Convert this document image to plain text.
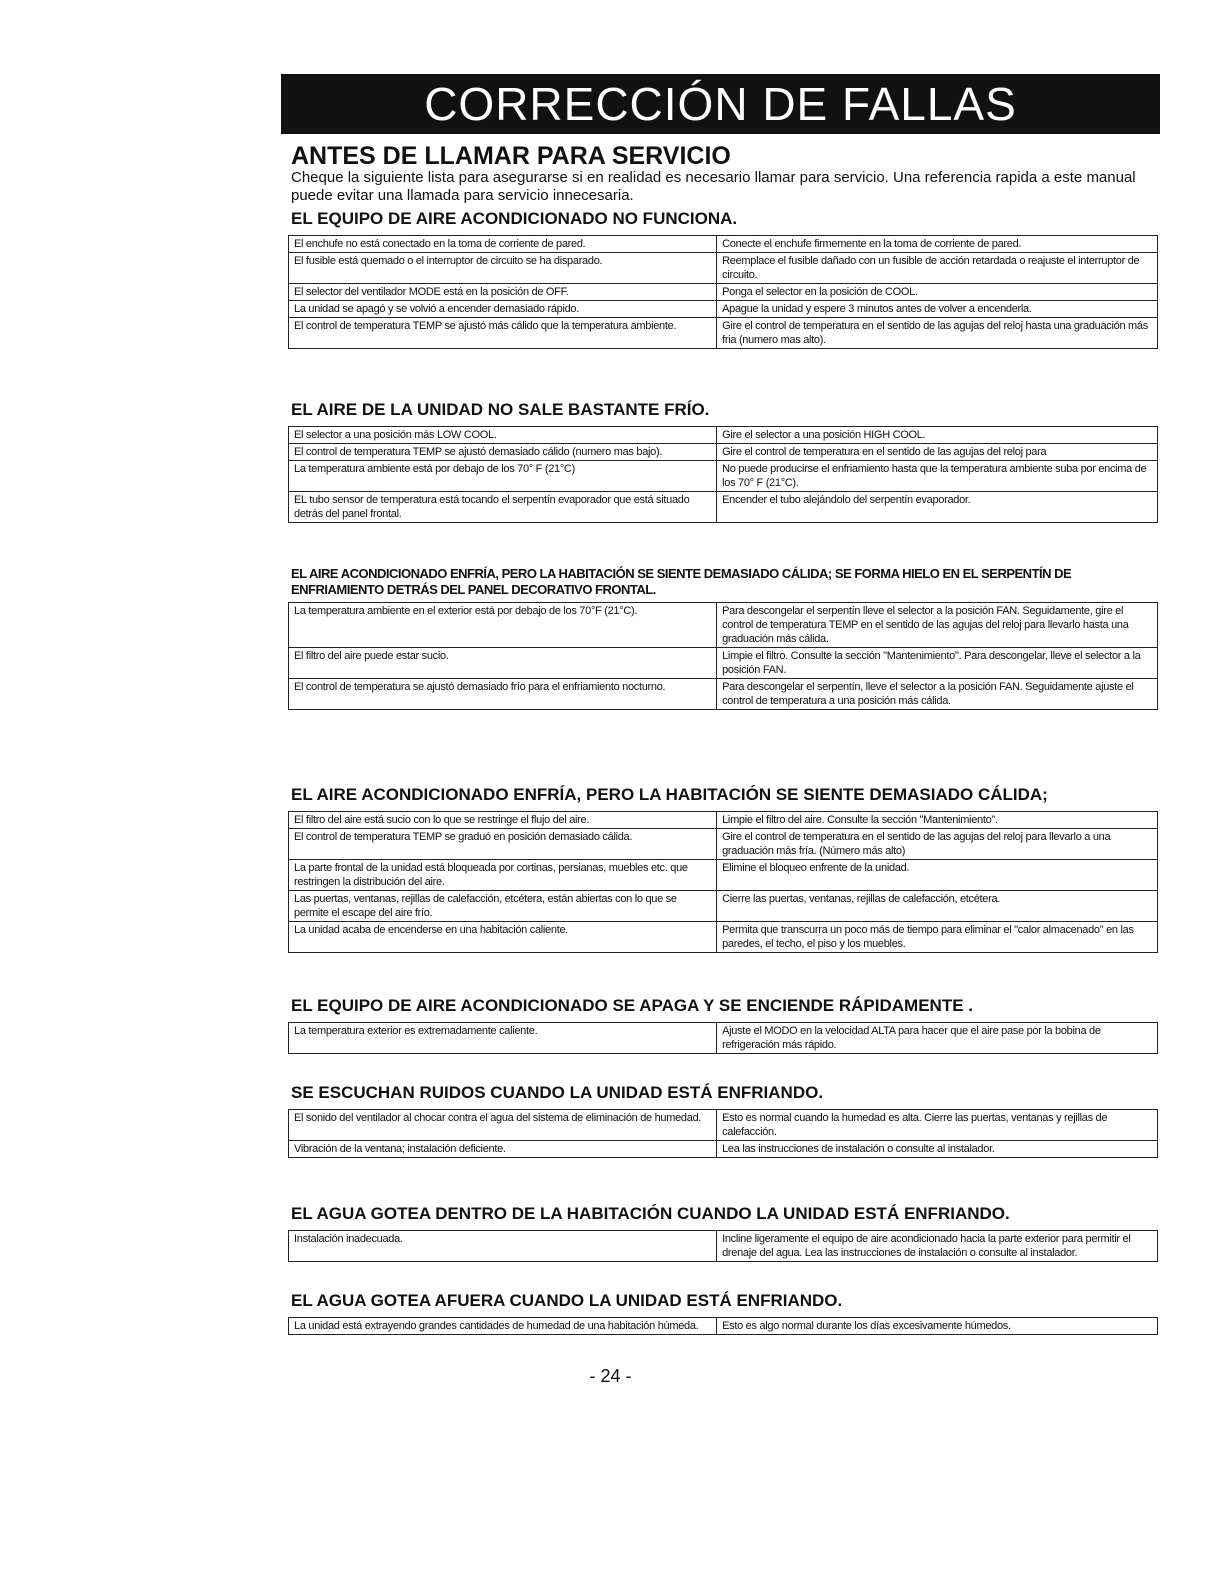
CORRECCIÓN DE FALLAS
ANTES DE LLAMAR PARA SERVICIO

Cheque la siguiente lista para asegurarse si en realidad es necesario llamar para servicio. Una referencia rapida a este manual puede evitar una llamada para servicio innecesaria.

EL EQUIPO DE AIRE ACONDICIONADO NO FUNCIONA.
El enchufe no está conectado en la toma de corriente de pared.	Conecte el enchufe firmemente en la toma de corriente de pared.
El fusible está quemado o el interruptor de circuito se ha disparado.	Reemplace el fusible dañado con un fusible de acción retardada o reajuste el interruptor de circuito.
El selector del ventilador MODE está en la posición de OFF.	Ponga el selector en la posición de COOL.
La unidad se apagó y se volvió a encender demasiado rápido.	Apague la unidad y espere 3 minutos antes de volver a encenderla.
El control de temperatura TEMP se ajustó más cálido que la temperatura ambiente.	Gire el control de temperatura en el sentido de las agujas del reloj hasta una graduación más fria (numero mas alto).
EL AIRE DE LA UNIDAD NO SALE BASTANTE FRÍO.
El selector a una posición más LOW COOL.	Gire el selector a una posición HIGH COOL.
El control de temperatura TEMP se ajustó demasiado cálido (numero mas bajo).	Gire el control de temperatura en el sentido de las agujas del reloj para
La temperatura ambiente está por debajo de los 70° F (21°C)	No puede producirse el enfriamiento hasta que la temperatura ambiente suba por encima de los 70° F (21°C).
EL tubo sensor de temperatura está tocando el serpentín evaporador que está situado detrás del panel frontal.	Encender el tubo alejándolo del serpentín evaporador.
EL AIRE ACONDICIONADO ENFRÍA, PERO LA HABITACIÓN SE SIENTE DEMASIADO CÁLIDA; SE FORMA HIELO EN EL SERPENTÍN DE ENFRIAMIENTO DETRÁS DEL PANEL DECORATIVO FRONTAL.
La temperatura ambiente en el exterior está por debajo de los 70°F (21°C).	Para descongelar el serpentín lleve el selector a la posición FAN. Seguidamente, gire el control de temperatura TEMP en el sentido de las agujas del reloj para llevarlo hasta una graduación más cálida.
El filtro del aire puede estar sucio.	Limpie el filtro. Consulte la sección "Mantenimiento". Para descongelar, lleve el selector a la posición FAN.
El control de temperatura se ajustó demasiado frío para el enfriamiento nocturno.	Para descongelar el serpentín, lleve el selector a la posición FAN. Seguidamente ajuste el control de temperatura a una posición más cálida.
EL AIRE ACONDICIONADO ENFRÍA, PERO LA HABITACIÓN SE SIENTE DEMASIADO CÁLIDA;
El filtro del aire está sucio con lo que se restringe el flujo del aire.	Limpie el filtro del aire. Consulte la sección "Mantenimiento".
El control de temperatura TEMP se graduó en posición demasiado cálida.	Gire el control de temperatura en el sentido de las agujas del reloj para llevarlo a una graduación más fría. (Número más alto)
La parte frontal de la unidad está bloqueada por cortinas, persianas, muebles etc. que restringen la distribución del aire.	Elimine el bloqueo enfrente de la unidad.
Las puertas, ventanas, rejillas de calefacción, etcétera, están abiertas con lo que se permite el escape del aire frío.	Cierre las puertas, ventanas, rejillas de calefacción, etcétera.
La unidad acaba de encenderse en una habitación caliente.	Permita que transcurra un poco más de tiempo para eliminar el "calor almacenado" en las paredes, el techo, el piso y los muebles.
EL EQUIPO DE AIRE ACONDICIONADO SE APAGA Y SE ENCIENDE RÁPIDAMENTE .
La temperatura exterior es extremadamente caliente.	Ajuste el MODO en la velocidad ALTA para hacer que el aire pase por la bobina de refrigeración más rápido.
SE ESCUCHAN RUIDOS CUANDO LA UNIDAD ESTÁ ENFRIANDO.
El sonido del ventilador al chocar contra el agua del sistema de eliminación de humedad.	Esto es normal cuando la humedad es alta. Cierre las puertas, ventanas y rejillas de calefacción.
Vibración de la ventana; instalación deficiente.	Lea las instrucciones de instalación o consulte al instalador.
EL AGUA GOTEA DENTRO DE LA HABITACIÓN CUANDO LA UNIDAD ESTÁ ENFRIANDO.
Instalación inadecuada.	Incline ligeramente el equipo de aire acondicionado hacia la parte exterior para permitir el drenaje del agua. Lea las instrucciones de instalación o consulte al instalador.
EL AGUA GOTEA AFUERA CUANDO LA UNIDAD ESTÁ ENFRIANDO.
La unidad está extrayendo grandes cantidades de humedad de una habitación húmeda.	Esto es algo normal durante los días excesivamente húmedos.
- 24 -
